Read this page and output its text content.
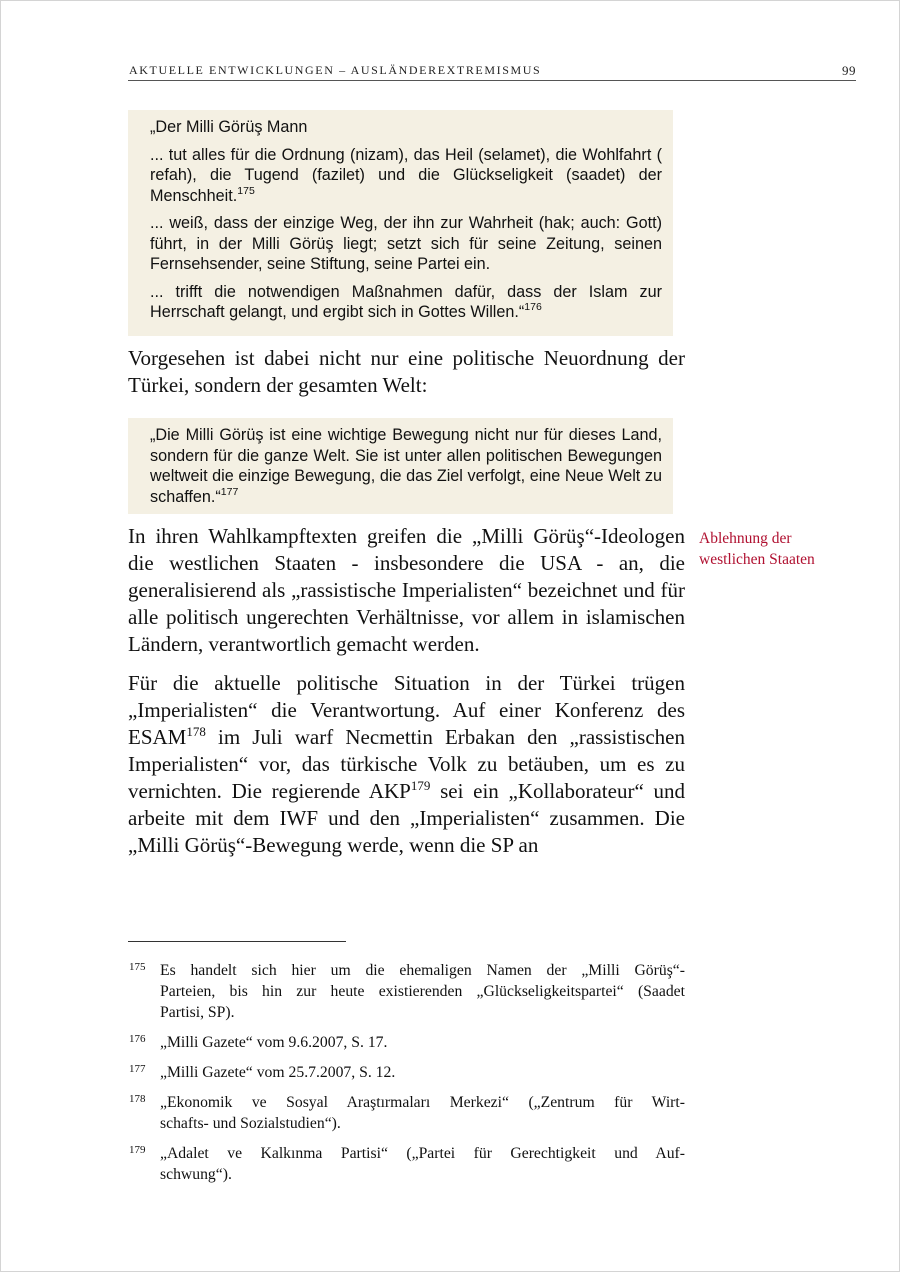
AKTUELLE ENTWICKLUNGEN – AUSLÄNDEREXTREMISMUS	99

„Der Milli Görüş Mann

... tut alles für die Ordnung (nizam), das Heil (selamet), die Wohlfahrt ( refah), die Tugend (fazilet) und die Glückseligkeit (saadet) der Menschheit.$^{175}$

... weiß, dass der einzige Weg, der ihn zur Wahrheit (hak; auch: Gott) führt, in der Milli Görüş liegt; setzt sich für seine Zeitung, seinen Fernsehsender, seine Stiftung, seine Partei ein.

... trifft die notwendigen Maßnahmen dafür, dass der Islam zur Herrschaft gelangt, und ergibt sich in Gottes Willen.“$^{176}$

Vorgesehen ist dabei nicht nur eine politische Neuordnung der Türkei, sondern der gesamten Welt:

„Die Milli Görüş ist eine wichtige Bewegung nicht nur für dieses Land, sondern für die ganze Welt. Sie ist unter allen politischen Bewegungen weltweit die einzige Bewegung, die das Ziel verfolgt, eine Neue Welt zu schaffen.“$^{177}$

In ihren Wahlkampftexten greifen die „Milli Görüş“-Ideologen die westlichen Staaten - insbesondere die USA - an, die generalisierend als „rassistische Imperialisten“ bezeichnet und für alle politisch ungerechten Verhältnisse, vor allem in islamischen Ländern, verantwortlich gemacht werden.

Ablehnung der
westlichen Staaten

Für die aktuelle politische Situation in der Türkei trügen „Imperialisten“ die Verantwortung. Auf einer Konferenz des ESAM$^{178}$ im Juli warf Necmettin Erbakan den „rassistischen Imperialisten“ vor, das türkische Volk zu betäuben, um es zu vernichten. Die regierende AKP$^{179}$ sei ein „Kollaborateur“ und arbeite mit dem IWF und den „Imperialisten“ zusammen. Die „Milli Görüş“-Bewegung werde, wenn die SP an

175 Es handelt sich hier um die ehemaligen Namen der „Milli Görüş“-
Parteien, bis hin zur heute existierenden „Glückseligkeitspartei“ (Saadet
Partisi, SP).
176 „Milli Gazete“ vom 9.6.2007, S. 17.
177 „Milli Gazete“ vom 25.7.2007, S. 12.
178 „Ekonomik ve Sosyal Araştırmaları Merkezi“ („Zentrum für Wirt-
schafts- und Sozialstudien“).
179 „Adalet ve Kalkınma Partisi“ („Partei für Gerechtigkeit und Auf-
schwung“).
